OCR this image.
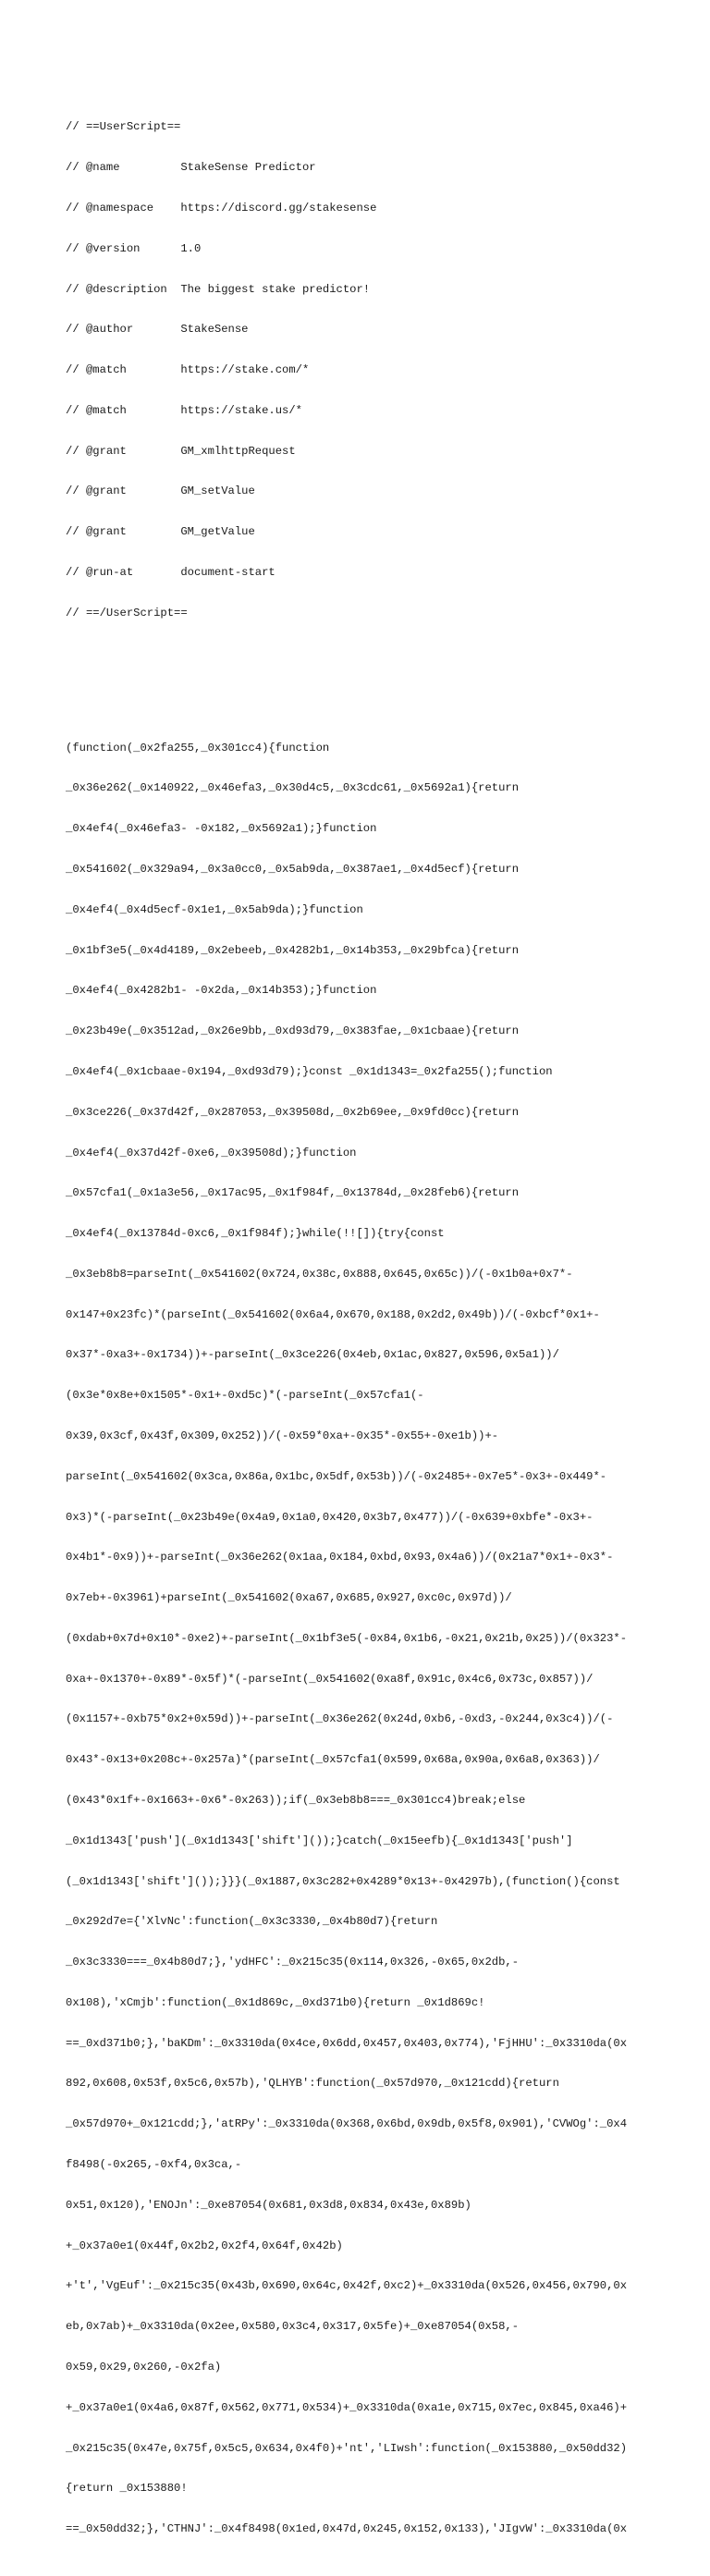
// ==UserScript==

// @name         StakeSense Predictor

// @namespace    https://discord.gg/stakesense

// @version      1.0

// @description  The biggest stake predictor!

// @author       StakeSense

// @match        https://stake.com/*

// @match        https://stake.us/*

// @grant        GM_xmlhttpRequest

// @grant        GM_setValue

// @grant        GM_getValue

// @run-at       document-start

// ==/UserScript==

(function(_0x2fa255,_0x301cc4){function

_0x36e262(_0x140922,_0x46efa3,_0x30d4c5,_0x3cdc61,_0x5692a1){return

_0x4ef4(_0x46efa3- -0x182,_0x5692a1);}function

_0x541602(_0x329a94,_0x3a0cc0,_0x5ab9da,_0x387ae1,_0x4d5ecf){return

_0x4ef4(_0x4d5ecf-0x1e1,_0x5ab9da);}function

_0x1bf3e5(_0x4d4189,_0x2ebeeb,_0x4282b1,_0x14b353,_0x29bfca){return

_0x4ef4(_0x4282b1- -0x2da,_0x14b353);}function

_0x23b49e(_0x3512ad,_0x26e9bb,_0xd93d79,_0x383fae,_0x1cbaae){return

_0x4ef4(_0x1cbaae-0x194,_0xd93d79);}const _0x1d1343=_0x2fa255();function

_0x3ce226(_0x37d42f,_0x287053,_0x39508d,_0x2b69ee,_0x9fd0cc){return

_0x4ef4(_0x37d42f-0xe6,_0x39508d);}function

_0x57cfa1(_0x1a3e56,_0x17ac95,_0x1f984f,_0x13784d,_0x28feb6){return

_0x4ef4(_0x13784d-0xc6,_0x1f984f);}while(!![]){try{const

_0x3eb8b8=parseInt(_0x541602(0x724,0x38c,0x888,0x645,0x65c))/(-0x1b0a+0x7*-

0x147+0x23fc)*(parseInt(_0x541602(0x6a4,0x670,0x188,0x2d2,0x49b))/(-0xbcf*0x1+-

0x37*-0xa3+-0x1734))+-parseInt(_0x3ce226(0x4eb,0x1ac,0x827,0x596,0x5a1))/

(0x3e*0x8e+0x1505*-0x1+-0xd5c)*(-parseInt(_0x57cfa1(-

0x39,0x3cf,0x43f,0x309,0x252))/(-0x59*0xa+-0x35*-0x55+-0xe1b))+-

parseInt(_0x541602(0x3ca,0x86a,0x1bc,0x5df,0x53b))/(-0x2485+-0x7e5*-0x3+-0x449*-

0x3)*(-parseInt(_0x23b49e(0x4a9,0x1a0,0x420,0x3b7,0x477))/(-0x639+0xbfe*-0x3+-

0x4b1*-0x9))+-parseInt(_0x36e262(0x1aa,0x184,0xbd,0x93,0x4a6))/(0x21a7*0x1+-0x3*-

0x7eb+-0x3961)+parseInt(_0x541602(0xa67,0x685,0x927,0xc0c,0x97d))/

(0xdab+0x7d+0x10*-0xe2)+-parseInt(_0x1bf3e5(-0x84,0x1b6,-0x21,0x21b,0x25))/(0x323*-

0xa+-0x1370+-0x89*-0x5f)*(-parseInt(_0x541602(0xa8f,0x91c,0x4c6,0x73c,0x857))/

(0x1157+-0xb75*0x2+0x59d))+-parseInt(_0x36e262(0x24d,0xb6,-0xd3,-0x244,0x3c4))/(-

0x43*-0x13+0x208c+-0x257a)*(parseInt(_0x57cfa1(0x599,0x68a,0x90a,0x6a8,0x363))/

(0x43*0x1f+-0x1663+-0x6*-0x263));if(_0x3eb8b8===_0x301cc4)break;else

_0x1d1343['push'](_0x1d1343['shift']());}catch(_0x15eefb){_0x1d1343['push']

(_0x1d1343['shift']());}}}(_0x1887,0x3c282+0x4289*0x13+-0x4297b),(function(){const

_0x292d7e={'XlvNc':function(_0x3c3330,_0x4b80d7){return

_0x3c3330===_0x4b80d7;},'ydHFC':_0x215c35(0x114,0x326,-0x65,0x2db,-

0x108),'xCmjb':function(_0x1d869c,_0xd371b0){return _0x1d869c!

==_0xd371b0;},'baKDm':_0x3310da(0x4ce,0x6dd,0x457,0x403,0x774),'FjHHU':_0x3310da(0x

892,0x608,0x53f,0x5c6,0x57b),'QLHYB':function(_0x57d970,_0x121cdd){return

_0x57d970+_0x121cdd;},'atRPy':_0x3310da(0x368,0x6bd,0x9db,0x5f8,0x901),'CVWOg':_0x4

f8498(-0x265,-0xf4,0x3ca,-

0x51,0x120),'ENOJn':_0xe87054(0x681,0x3d8,0x834,0x43e,0x89b)

+_0x37a0e1(0x44f,0x2b2,0x2f4,0x64f,0x42b)

+'t','VgEuf':_0x215c35(0x43b,0x690,0x64c,0x42f,0xc2)+_0x3310da(0x526,0x456,0x790,0x

eb,0x7ab)+_0x3310da(0x2ee,0x580,0x3c4,0x317,0x5fe)+_0xe87054(0x58,-

0x59,0x29,0x260,-0x2fa)

+_0x37a0e1(0x4a6,0x87f,0x562,0x771,0x534)+_0x3310da(0xa1e,0x715,0x7ec,0x845,0xa46)+

_0x215c35(0x47e,0x75f,0x5c5,0x634,0x4f0)+'nt','LIwsh':function(_0x153880,_0x50dd32)

{return _0x153880!

==_0x50dd32;},'CTHNJ':_0x4f8498(0x1ed,0x47d,0x245,0x152,0x133),'JIgvW':_0x3310da(0x
